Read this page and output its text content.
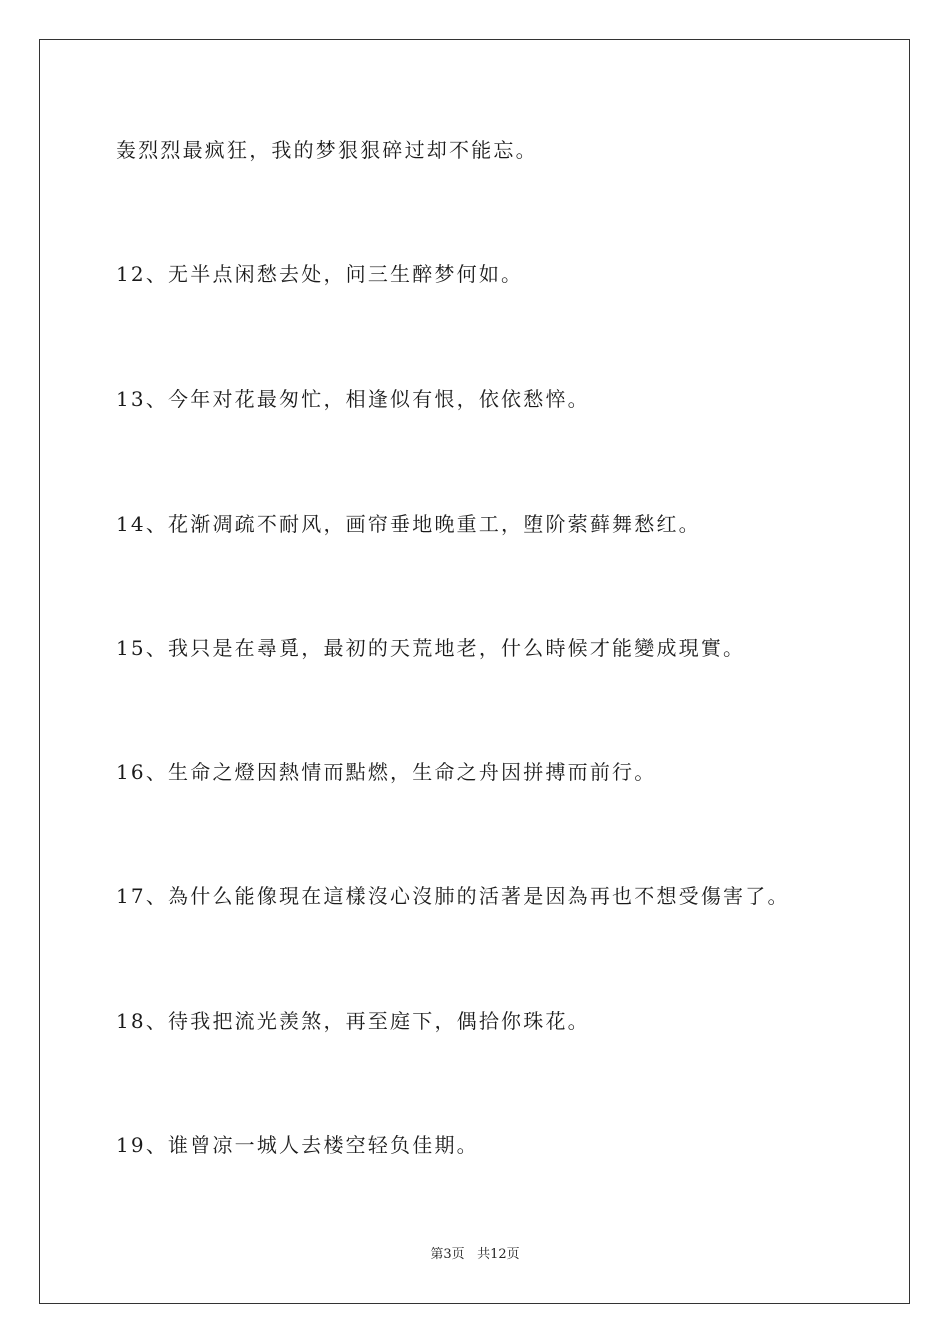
轰烈烈最疯狂，我的梦狠狠碎过却不能忘。
12、无半点闲愁去处，问三生醉梦何如。
13、今年对花最匆忙，相逢似有恨，依依愁悴。
14、花渐凋疏不耐风，画帘垂地晚重工，堕阶萦藓舞愁红。
15、我只是在尋覓，最初的天荒地老，什么時候才能變成現實。
16、生命之燈因熱情而點燃，生命之舟因拼搏而前行。
17、為什么能像現在這樣沒心沒肺的活著是因為再也不想受傷害了。
18、待我把流光羡煞，再至庭下，偶拾你珠花。
19、谁曾凉一城人去楼空轻负佳期。
第3页 共12页
